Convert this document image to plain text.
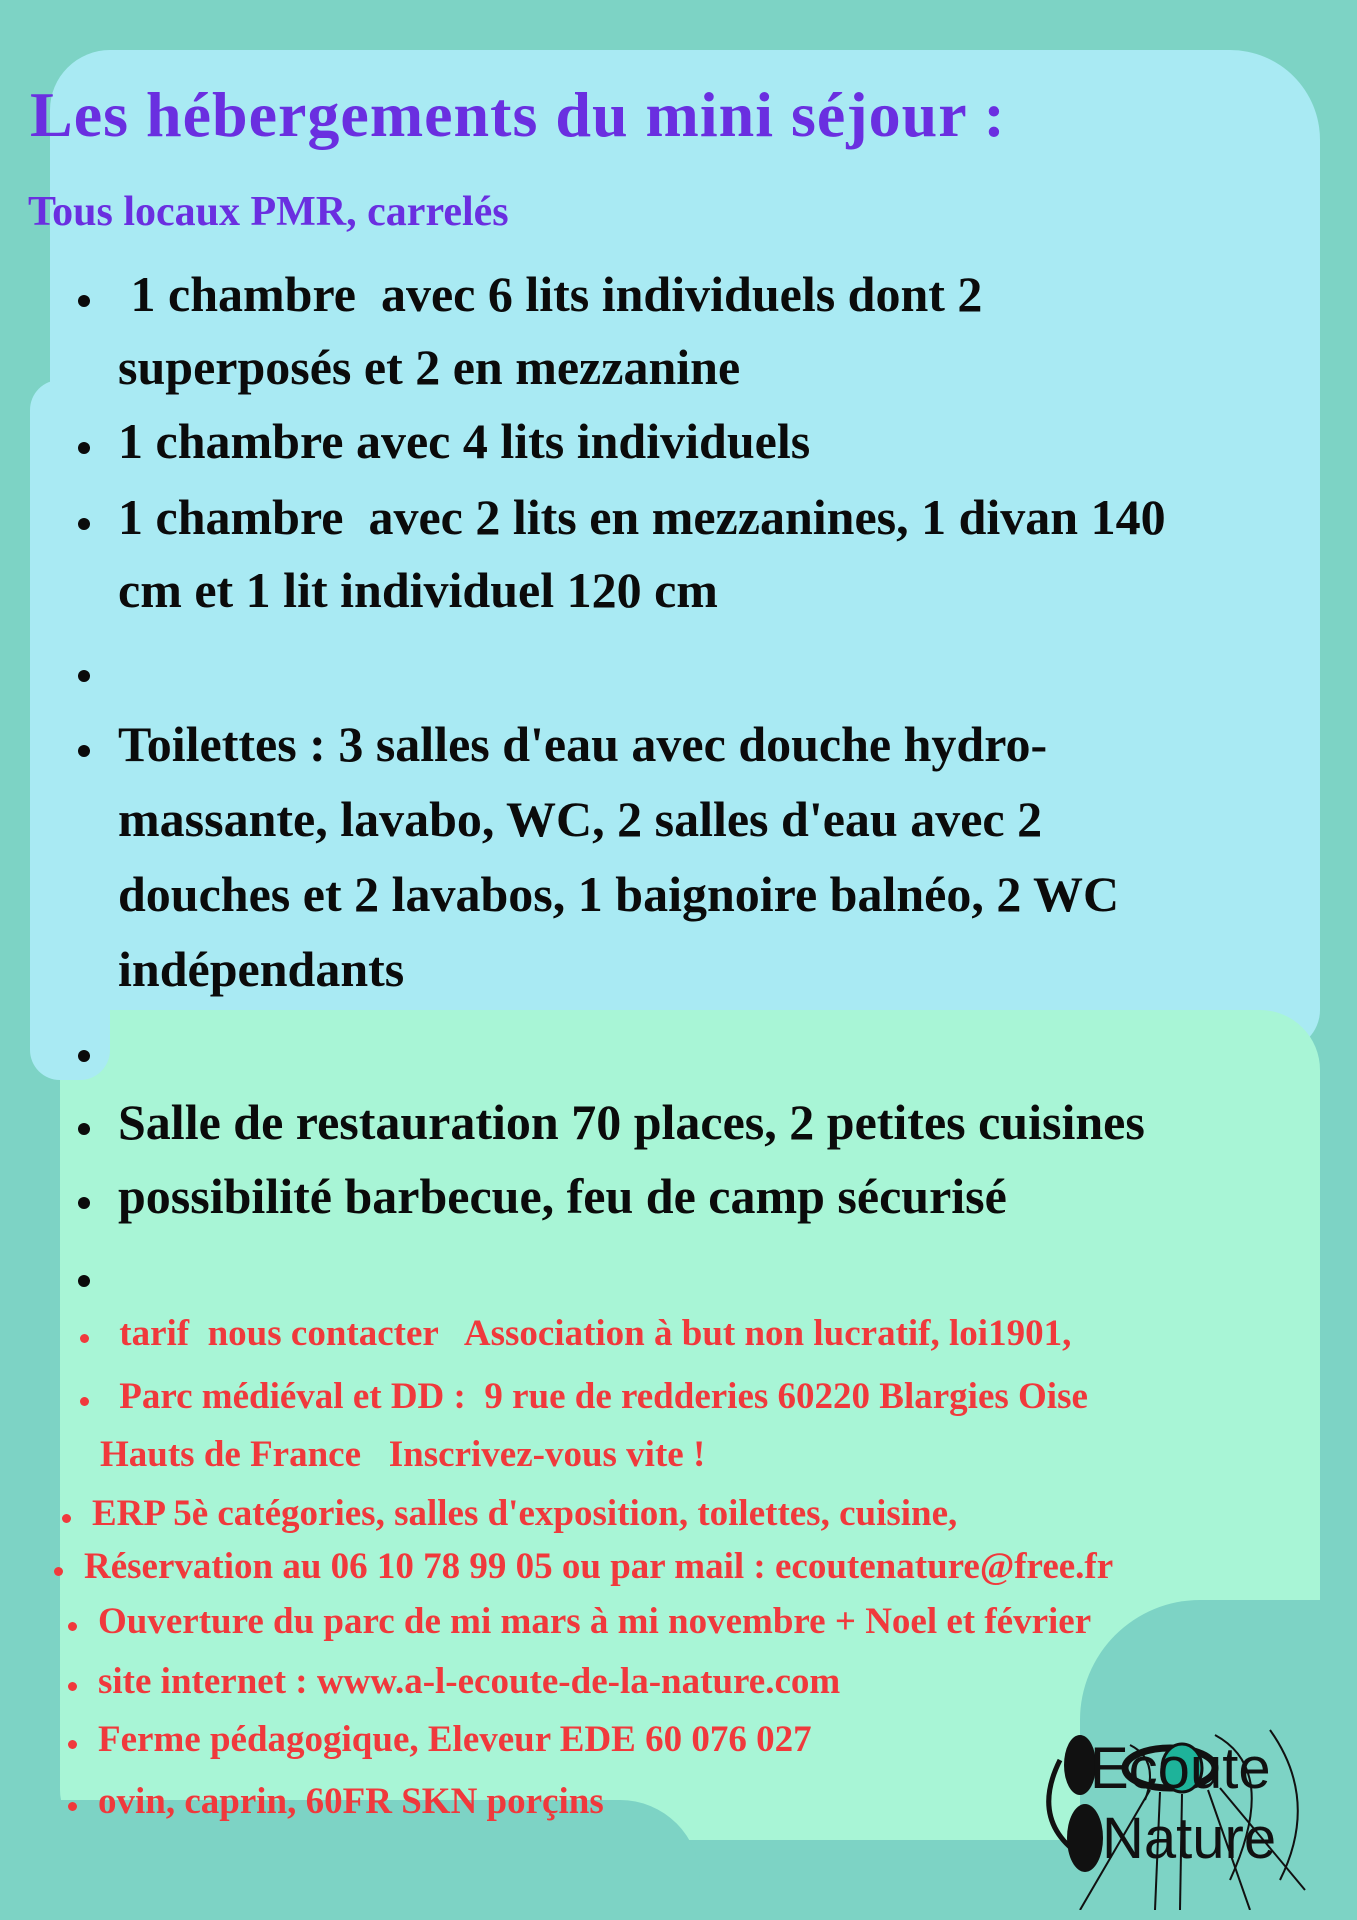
Les hébergements du mini séjour :
Tous locaux PMR, carrelés
1 chambre  avec 6 lits individuels dont 2
superposés et 2 en mezzanine
1 chambre avec 4 lits individuels
1 chambre  avec 2 lits en mezzanines, 1 divan 140
cm et 1 lit individuel 120 cm
Toilettes : 3 salles d'eau avec douche hydro-
massante, lavabo, WC, 2 salles d'eau avec 2
douches et 2 lavabos, 1 baignoire balnéo, 2 WC
indépendants
Salle de restauration 70 places, 2 petites cuisines
possibilité barbecue, feu de camp sécurisé
tarif  nous contacter   Association à but non lucratif, loi1901,
Parc médiéval et DD :  9 rue de redderies 60220 Blargies Oise
Hauts de France   Inscrivez-vous vite !
ERP 5è catégories, salles d'exposition, toilettes, cuisine,
Réservation au 06 10 78 99 05 ou par mail : ecoutenature@free.fr
Ouverture du parc de mi mars à mi novembre + Noel et février
site internet : www.a-l-ecoute-de-la-nature.com
Ferme pédagogique, Eleveur EDE 60 076 027
ovin, caprin, 60FR SKN porçins
Ecoute
Nature
